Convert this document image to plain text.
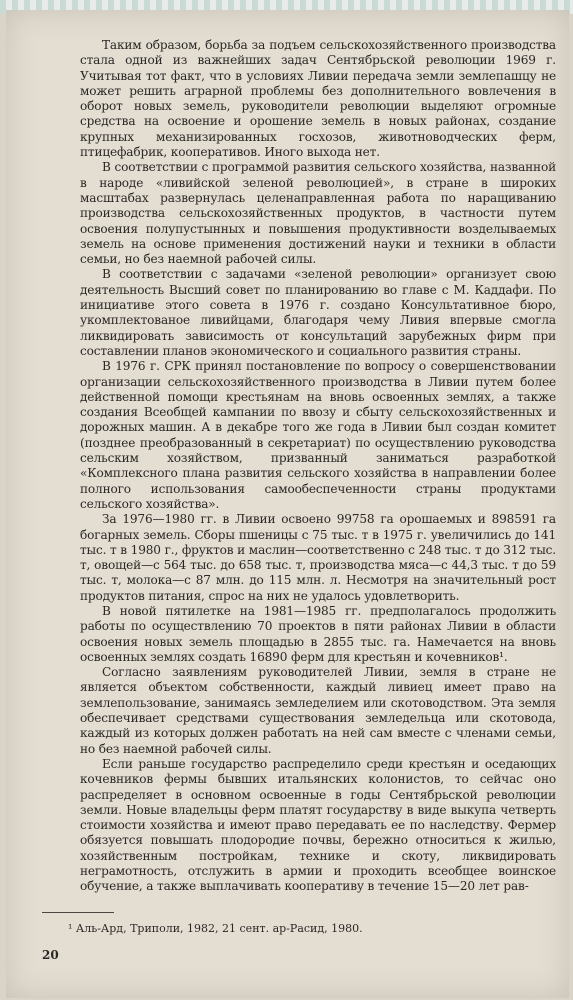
Таким образом, борьба за подъем сельскохозяйственного производства стала одной из важнейших задач Сентябрьской революции 1969 г. Учитывая тот факт, что в условиях Ливии передача земли землепашцу не может решить аграрной проблемы без дополнительного вовлечения в оборот новых земель, руководители революции выделяют огромные средства на освоение и орошение земель в новых районах, создание крупных механизированных госхозов, животноводческих ферм, птицефабрик, кооперативов. Иного выхода нет.

В соответствии с программой развития сельского хозяйства, названной в народе «ливийской зеленой революцией», в стране в широких масштабах развернулась целенаправленная работа по наращиванию производства сельскохозяйственных продуктов, в частности путем освоения полупустынных и повышения продуктивности возделываемых земель на основе применения достижений науки и техники в области семьи, но без наемной рабочей силы.

В соответствии с задачами «зеленой революции» организует свою деятельность Высший совет по планированию во главе с М. Каддафи. По инициативе этого совета в 1976 г. создано Консультативное бюро, укомплектованое ливийцами, благодаря чему Ливия впервые смогла ликвидировать зависимость от консультаций зарубежных фирм при составлении планов экономического и социального развития страны.

В 1976 г. СРК принял постановление по вопросу о совершенствовании организации сельскохозяйственного производства в Ливии путем более действенной помощи крестьянам на вновь освоенных землях, а также создания Всеобщей кампании по ввозу и сбыту сельскохозяйственных и дорожных машин. А в декабре того же года в Ливии был создан комитет (позднее преобразованный в секретариат) по осуществлению руководства сельским хозяйством, призванный заниматься разработкой «Комплексного плана развития сельского хозяйства в направлении более полного использования самообеспеченности страны продуктами сельского хозяйства».

За 1976—1980 гг. в Ливии освоено 99758 га орошаемых и 898591 га богарных земель. Сборы пшеницы с 75 тыс. т в 1975 г. увеличились до 141 тыс. т в 1980 г., фруктов и маслин—соответственно с 248 тыс. т до 312 тыс. т, овощей—с 564 тыс. до 658 тыс. т, производства мяса—с 44,3 тыс. т до 59 тыс. т, молока—с 87 млн. до 115 млн. л. Несмотря на значительный рост продуктов питания, спрос на них не удалось удовлетворить.

В новой пятилетке на 1981—1985 гг. предполагалось продолжить работы по осуществлению 70 проектов в пяти районах Ливии в области освоения новых земель площадью в 2855 тыс. га. Намечается на вновь освоенных землях создать 16890 ферм для крестьян и кочевников¹.

Согласно заявлениям руководителей Ливии, земля в стране не является объектом собственности, каждый ливиец имеет право на землепользование, занимаясь земледелием или скотоводством. Эта земля обеспечивает средствами существования земледельца или скотовода, каждый из которых должен работать на ней сам вместе с членами семьи, но без наемной рабочей силы.

Если раньше государство распределило среди крестьян и оседающих кочевников фермы бывших итальянских колонистов, то сейчас оно распределяет в основном освоенные в годы Сентябрьской революции земли. Новые владельцы ферм платят государству в виде выкупа четверть стоимости хозяйства и имеют право передавать ее по наследству. Фермер обязуется повышать плодородие почвы, бережно относиться к жилью, хозяйственным постройкам, технике и скоту, ликвидировать неграмотность, отслужить в армии и проходить всеобщее воинское обучение, а также выплачивать кооперативу в течение 15—20 лет рав-

¹ Аль-Ард, Триполи, 1982, 21 сент. ар-Расид, 1980.
20
